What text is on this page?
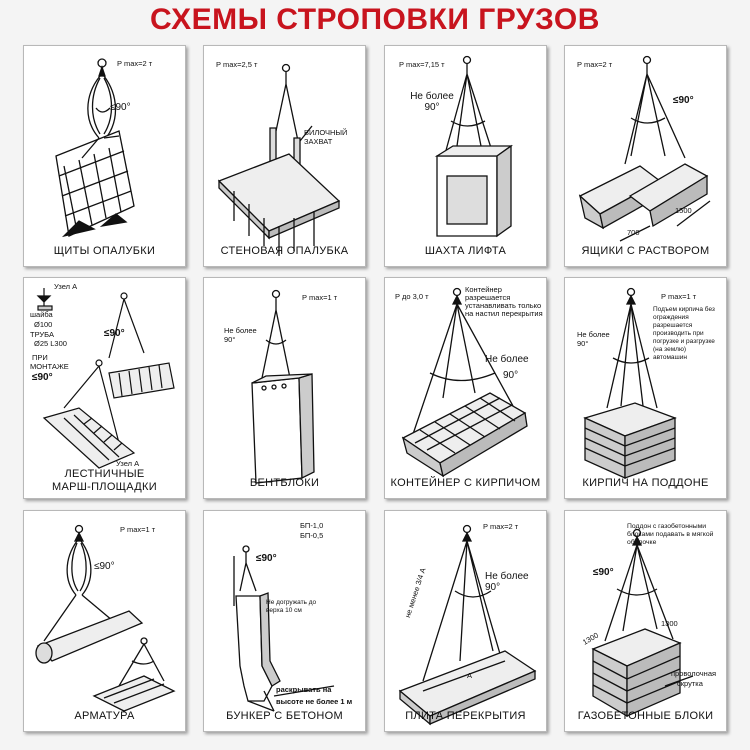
СХЕМЫ СТРОПОВКИ ГРУЗОВ
P max=2 т
≤90°
ЩИТЫ ОПАЛУБКИ
P max=2,5 т
ВИЛОЧНЫЙ ЗАХВАТ
СТЕНОВАЯ ОПАЛУБКА
P max=7,15 т
Не более 90°
ШАХТА ЛИФТА
P max=2 т
≤90°
700
1500
ЯЩИКИ С РАСТВОРОМ
Узел А
шайба
Ø100
ТРУБА
Ø25 L300
ПРИ
МОНТАЖЕ
≤90°
≤90°
Узел А
ЛЕСТНИЧНЫЕ
МАРШ-ПЛОЩАДКИ
P max=1 т
Не более 90°
ВЕНТБЛОКИ
P до 3,0 т
Контейнер разрешается устанавливать только на настил перекрытия
Не более
90°
КОНТЕЙНЕР С КИРПИЧОМ
P max=1 т
Не более 90°
Подъем кирпича без ограждения разрешается производить при погрузке и разгрузке (на землю) автомашин
КИРПИЧ НА ПОДДОНЕ
P max=1 т
≤90°
АРМАТУРА
БП-1,0
БП-0,5
≤90°
Не догружать до верха 10 см
раскрывать на
высоте не более 1 м
БУНКЕР С БЕТОНОМ
P max=2 т
Не более 90°
не менее 3/4 А
А
ПЛИТА ПЕРЕКРЫТИЯ
Поддон с газобетонными блоками подавать в мягкой оболочке
≤90°
1300
1300
проволочная
скрутка
ГАЗОБЕТОННЫЕ БЛОКИ
